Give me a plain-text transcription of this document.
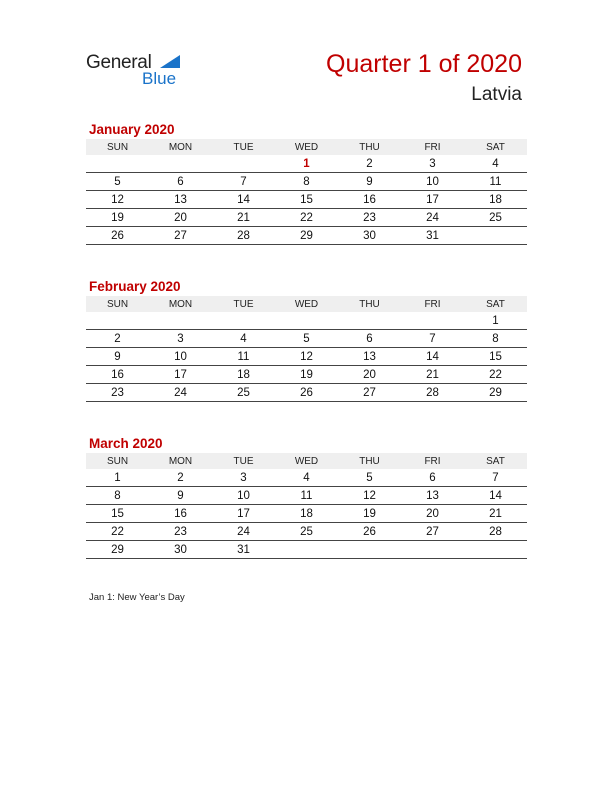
General
Blue
Quarter 1 of 2020
Latvia
January 2020
SUN	MON	TUE	WED	THU	FRI	SAT
			1	2	3	4
5	6	7	8	9	10	11
12	13	14	15	16	17	18
19	20	21	22	23	24	25
26	27	28	29	30	31	
February 2020
SUN	MON	TUE	WED	THU	FRI	SAT
						1
2	3	4	5	6	7	8
9	10	11	12	13	14	15
16	17	18	19	20	21	22
23	24	25	26	27	28	29
March 2020
SUN	MON	TUE	WED	THU	FRI	SAT
1	2	3	4	5	6	7
8	9	10	11	12	13	14
15	16	17	18	19	20	21
22	23	24	25	26	27	28
29	30	31				
Jan 1: New Year’s Day
